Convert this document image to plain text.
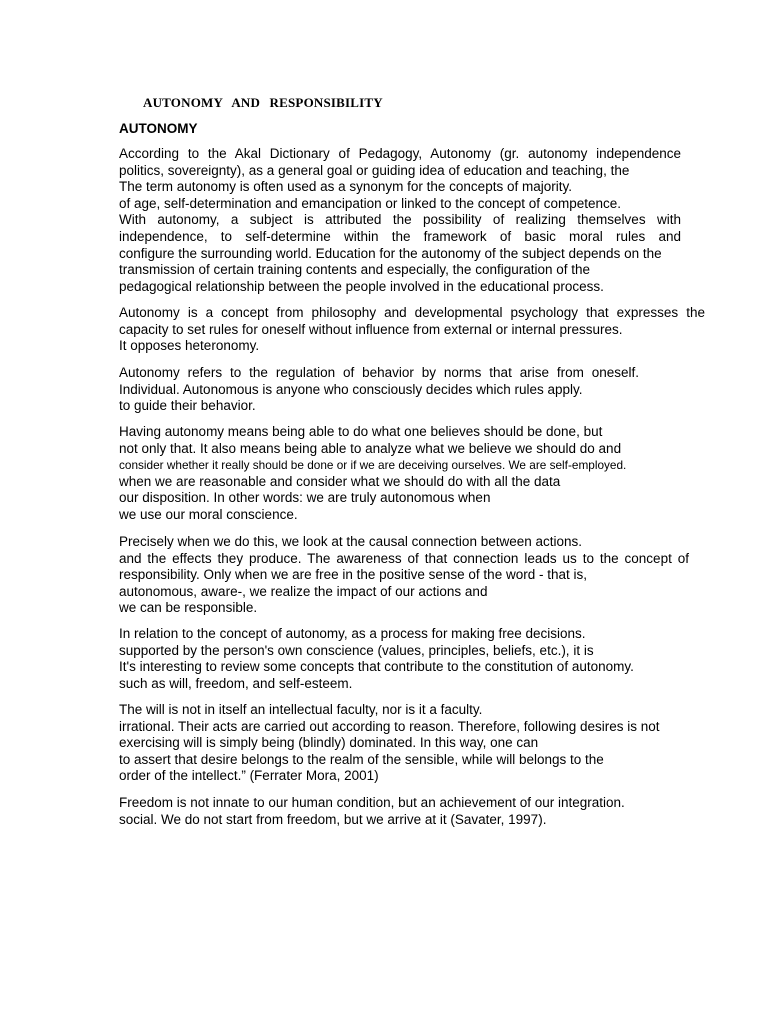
AUTONOMY AND RESPONSIBILITY
AUTONOMY
According to the Akal Dictionary of Pedagogy, Autonomy (gr. autonomy independence
politics, sovereignty), as a general goal or guiding idea of education and teaching, the
The term autonomy is often used as a synonym for the concepts of majority.
of age, self-determination and emancipation or linked to the concept of competence.
With autonomy, a subject is attributed the possibility of realizing themselves with
independence, to self-determine within the framework of basic moral rules and
configure the surrounding world. Education for the autonomy of the subject depends on the
transmission of certain training contents and especially, the configuration of the
pedagogical relationship between the people involved in the educational process.
Autonomy is a concept from philosophy and developmental psychology that expresses the
capacity to set rules for oneself without influence from external or internal pressures.
It opposes heteronomy.
Autonomy refers to the regulation of behavior by norms that arise from oneself.
Individual. Autonomous is anyone who consciously decides which rules apply.
to guide their behavior.
Having autonomy means being able to do what one believes should be done, but
not only that. It also means being able to analyze what we believe we should do and
consider whether it really should be done or if we are deceiving ourselves. We are self-employed.
when we are reasonable and consider what we should do with all the data
our disposition. In other words: we are truly autonomous when
we use our moral conscience.
Precisely when we do this, we look at the causal connection between actions.
and the effects they produce. The awareness of that connection leads us to the concept of
responsibility. Only when we are free in the positive sense of the word - that is,
autonomous, aware-, we realize the impact of our actions and
we can be responsible.
In relation to the concept of autonomy, as a process for making free decisions.
supported by the person's own conscience (values, principles, beliefs, etc.), it is
It's interesting to review some concepts that contribute to the constitution of autonomy.
such as will, freedom, and self-esteem.
The will is not in itself an intellectual faculty, nor is it a faculty.
irrational. Their acts are carried out according to reason. Therefore, following desires is not
exercising will is simply being (blindly) dominated. In this way, one can
to assert that desire belongs to the realm of the sensible, while will belongs to the
order of the intellect.” (Ferrater Mora, 2001)
Freedom is not innate to our human condition, but an achievement of our integration.
social. We do not start from freedom, but we arrive at it (Savater, 1997).
